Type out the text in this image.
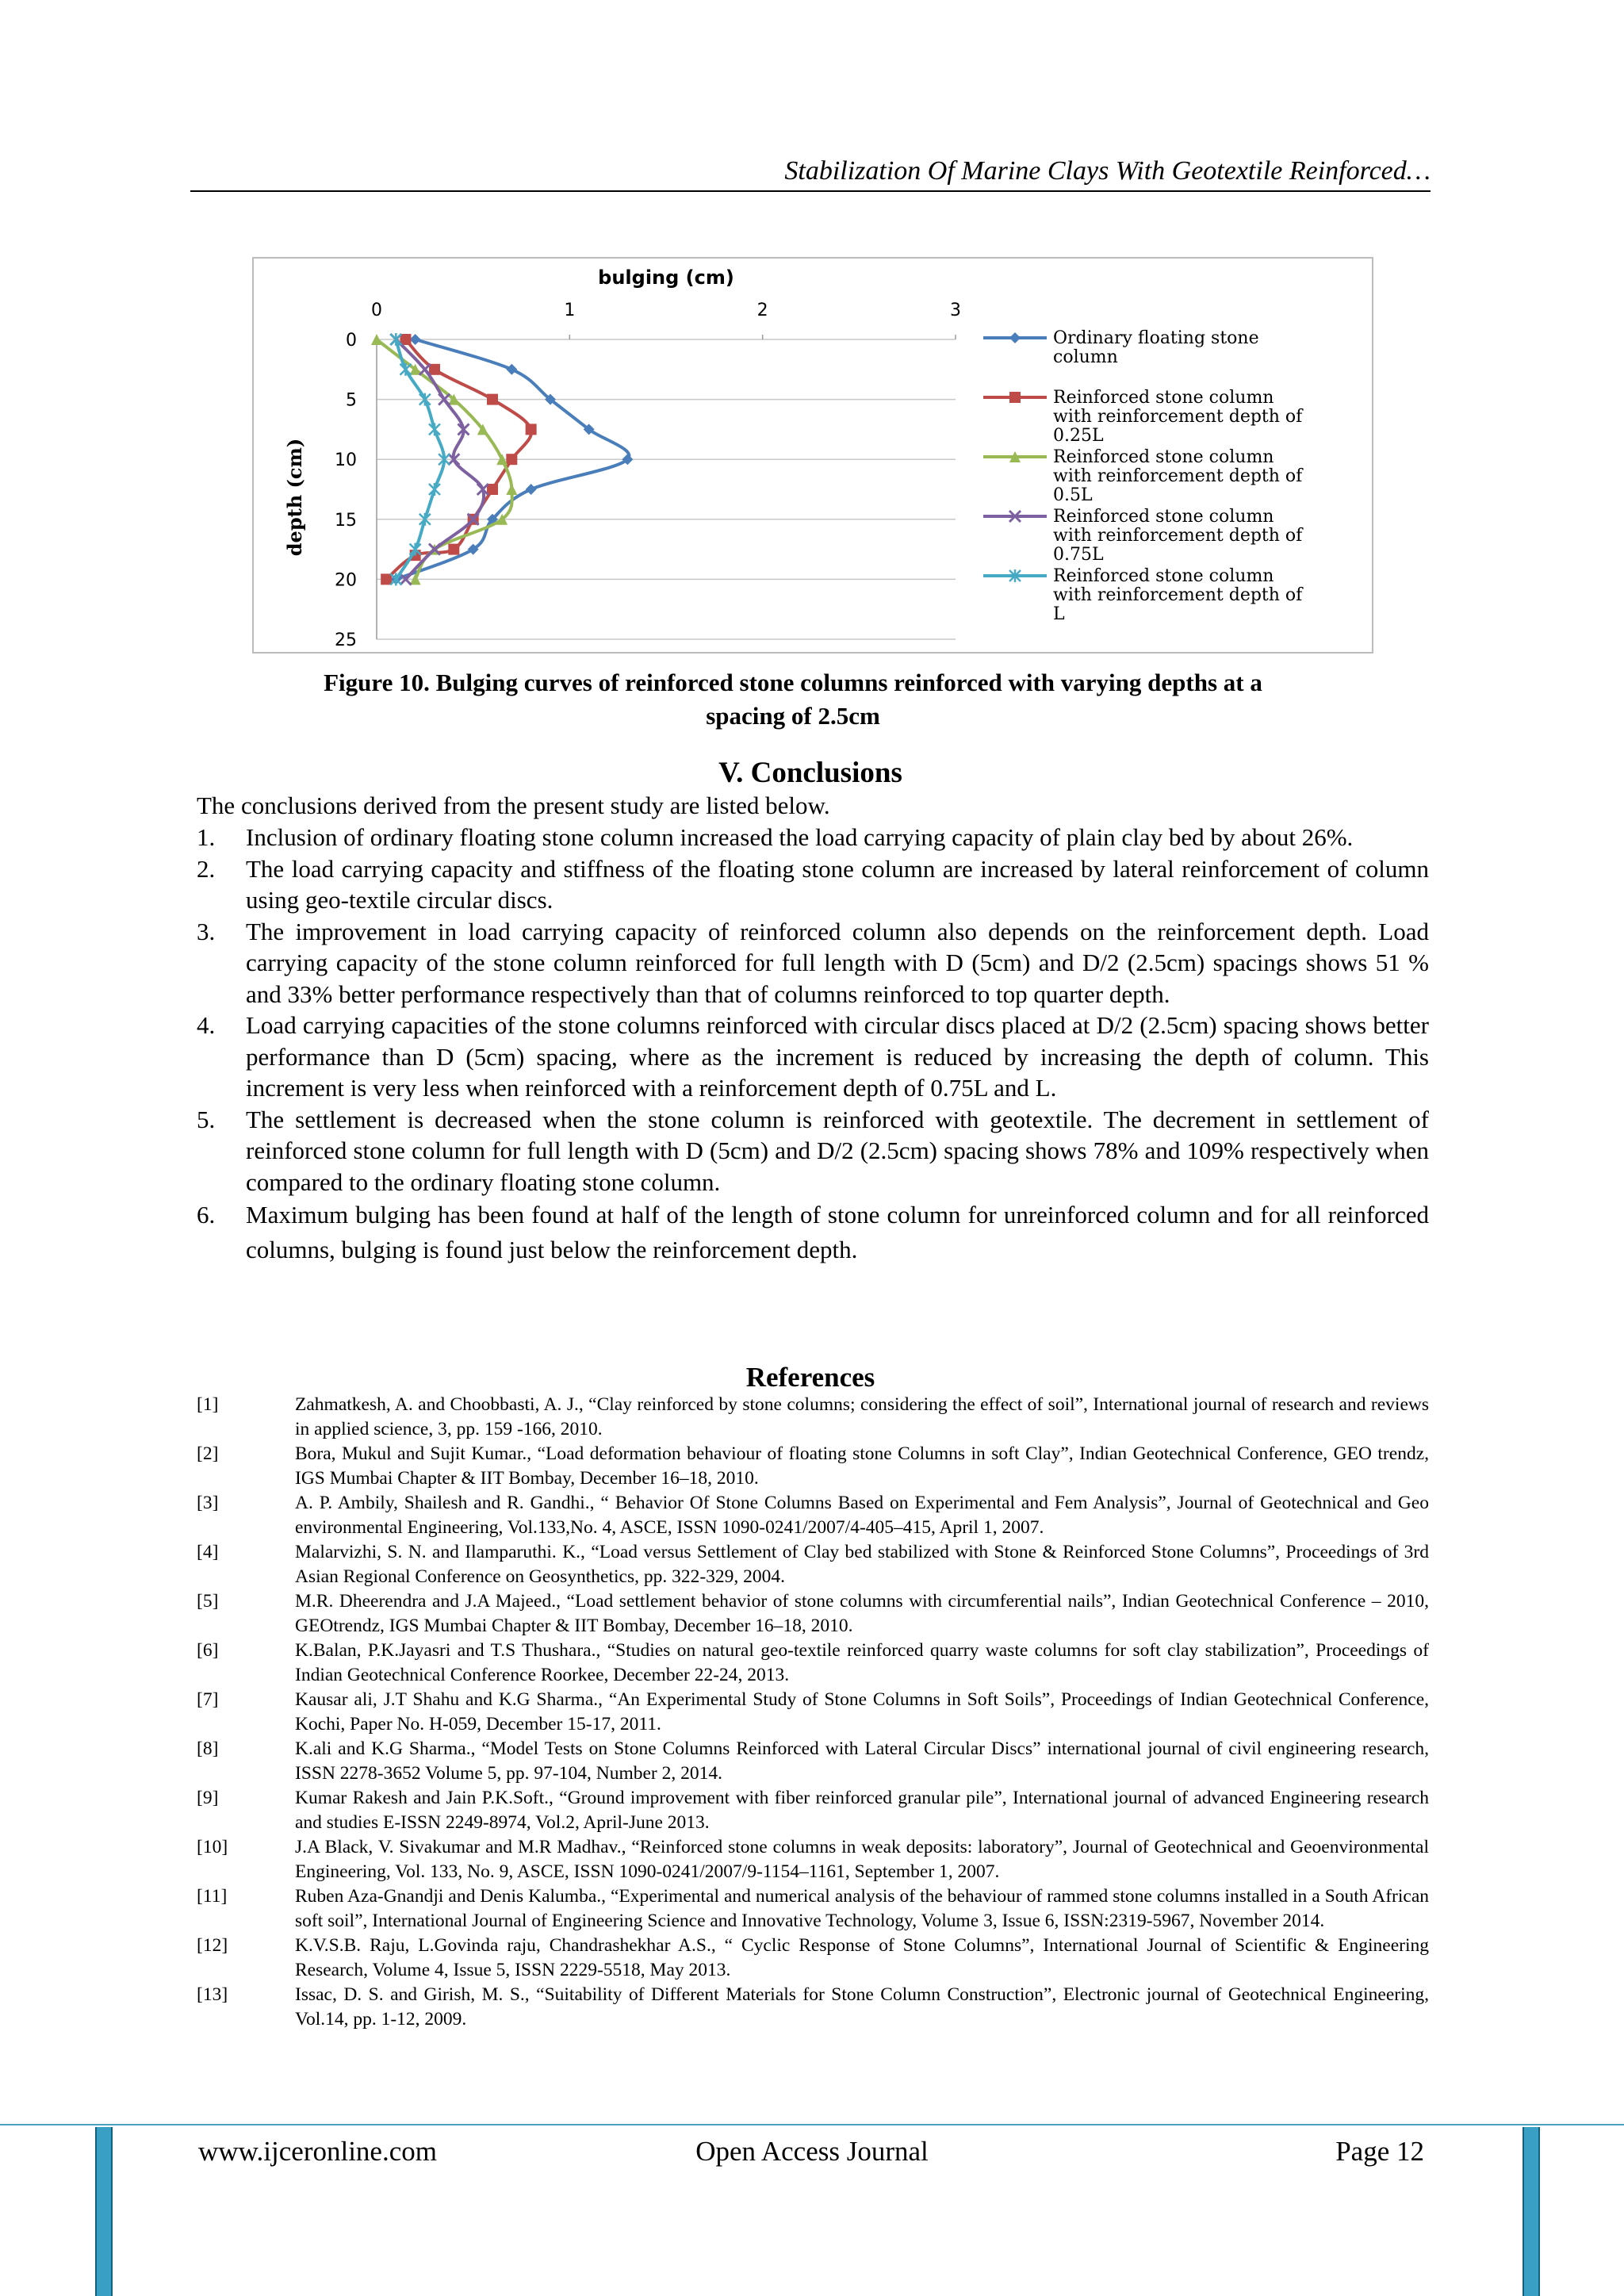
Stabilization Of Marine Clays With Geotextile Reinforced…
bulging (cm)
0	1	2	3
0
5
10
15
20
25
depth (cm)
Ordinary floating stone
column
Reinforced stone column
with reinforcement depth of
0.25L
Reinforced stone column
with reinforcement depth of
0.5L
Reinforced stone column
with reinforcement depth of
0.75L
Reinforced stone column
with reinforcement depth of
L
Figure 10. Bulging curves of reinforced stone columns reinforced with varying depths at a
spacing of 2.5cm
V. Conclusions
The conclusions derived from the present study are listed below.
1. Inclusion of ordinary floating stone column increased the load carrying capacity of plain clay bed by about 26%.
2. The load carrying capacity and stiffness of the floating stone column are increased by lateral reinforcement of column using geo-textile circular discs.
3. The improvement in load carrying capacity of reinforced column also depends on the reinforcement depth. Load carrying capacity of the stone column reinforced for full length with D (5cm) and D/2 (2.5cm) spacings shows 51 % and 33% better performance respectively than that of columns reinforced to top quarter depth.
4. Load carrying capacities of the stone columns reinforced with circular discs placed at D/2 (2.5cm) spacing shows better performance than D (5cm) spacing, where as the increment is reduced by increasing the depth of column. This increment is very less when reinforced with a reinforcement depth of 0.75L and L.
5. The settlement is decreased when the stone column is reinforced with geotextile. The decrement in settlement of reinforced stone column for full length with D (5cm) and D/2 (2.5cm) spacing shows 78% and 109% respectively when compared to the ordinary floating stone column.
6. Maximum bulging has been found at half of the length of stone column for unreinforced column and for all reinforced columns, bulging is found just below the reinforcement depth.
References
[1]	Zahmatkesh, A. and Choobbasti, A. J., “Clay reinforced by stone columns; considering the effect of soil”, International journal of research and reviews in applied science, 3, pp. 159 -166, 2010.
[2]	Bora, Mukul and Sujit Kumar., “Load deformation behaviour of floating stone Columns in soft Clay”, Indian Geotechnical Conference, GEO trendz, IGS Mumbai Chapter & IIT Bombay, December 16–18, 2010.
[3]	A. P. Ambily, Shailesh and R. Gandhi., “ Behavior Of Stone Columns Based on Experimental and Fem Analysis”, Journal of Geotechnical and Geo environmental Engineering, Vol.133,No. 4, ASCE, ISSN 1090-0241/2007/4-405–415, April 1, 2007.
[4]	Malarvizhi, S. N. and Ilamparuthi. K., “Load versus Settlement of Clay bed stabilized with Stone & Reinforced Stone Columns”, Proceedings of 3rd Asian Regional Conference on Geosynthetics, pp. 322-329, 2004.
[5]	M.R. Dheerendra and J.A Majeed., “Load settlement behavior of stone columns with circumferential nails”, Indian Geotechnical Conference – 2010, GEOtrendz, IGS Mumbai Chapter & IIT Bombay, December 16–18, 2010.
[6]	K.Balan, P.K.Jayasri and T.S Thushara., “Studies on natural geo-textile reinforced quarry waste columns for soft clay stabilization”, Proceedings of Indian Geotechnical Conference Roorkee, December 22-24, 2013.
[7]	Kausar ali, J.T Shahu and K.G Sharma., “An Experimental Study of Stone Columns in Soft Soils”, Proceedings of Indian Geotechnical Conference, Kochi, Paper No. H-059, December 15-17, 2011.
[8]	K.ali and K.G Sharma., “Model Tests on Stone Columns Reinforced with Lateral Circular Discs” international journal of civil engineering research, ISSN 2278-3652 Volume 5, pp. 97-104, Number 2, 2014.
[9]	Kumar Rakesh and Jain P.K.Soft., “Ground improvement with fiber reinforced granular pile”, International journal of advanced Engineering research and studies E-ISSN 2249-8974, Vol.2, April-June 2013.
[10]	J.A Black, V. Sivakumar and M.R Madhav., “Reinforced stone columns in weak deposits: laboratory”, Journal of Geotechnical and Geoenvironmental Engineering, Vol. 133, No. 9, ASCE, ISSN 1090-0241/2007/9-1154–1161, September 1, 2007.
[11]	Ruben Aza-Gnandji and Denis Kalumba., “Experimental and numerical analysis of the behaviour of rammed stone columns installed in a South African soft soil”, International Journal of Engineering Science and Innovative Technology, Volume 3, Issue 6, ISSN:2319-5967, November 2014.
[12]	K.V.S.B. Raju, L.Govinda raju, Chandrashekhar A.S., “ Cyclic Response of Stone Columns”, International Journal of Scientific & Engineering Research, Volume 4, Issue 5, ISSN 2229-5518, May 2013.
[13]	Issac, D. S. and Girish, M. S., “Suitability of Different Materials for Stone Column Construction”, Electronic journal of Geotechnical Engineering, Vol.14, pp. 1-12, 2009.
www.ijceronline.com	Open Access Journal	Page 12
